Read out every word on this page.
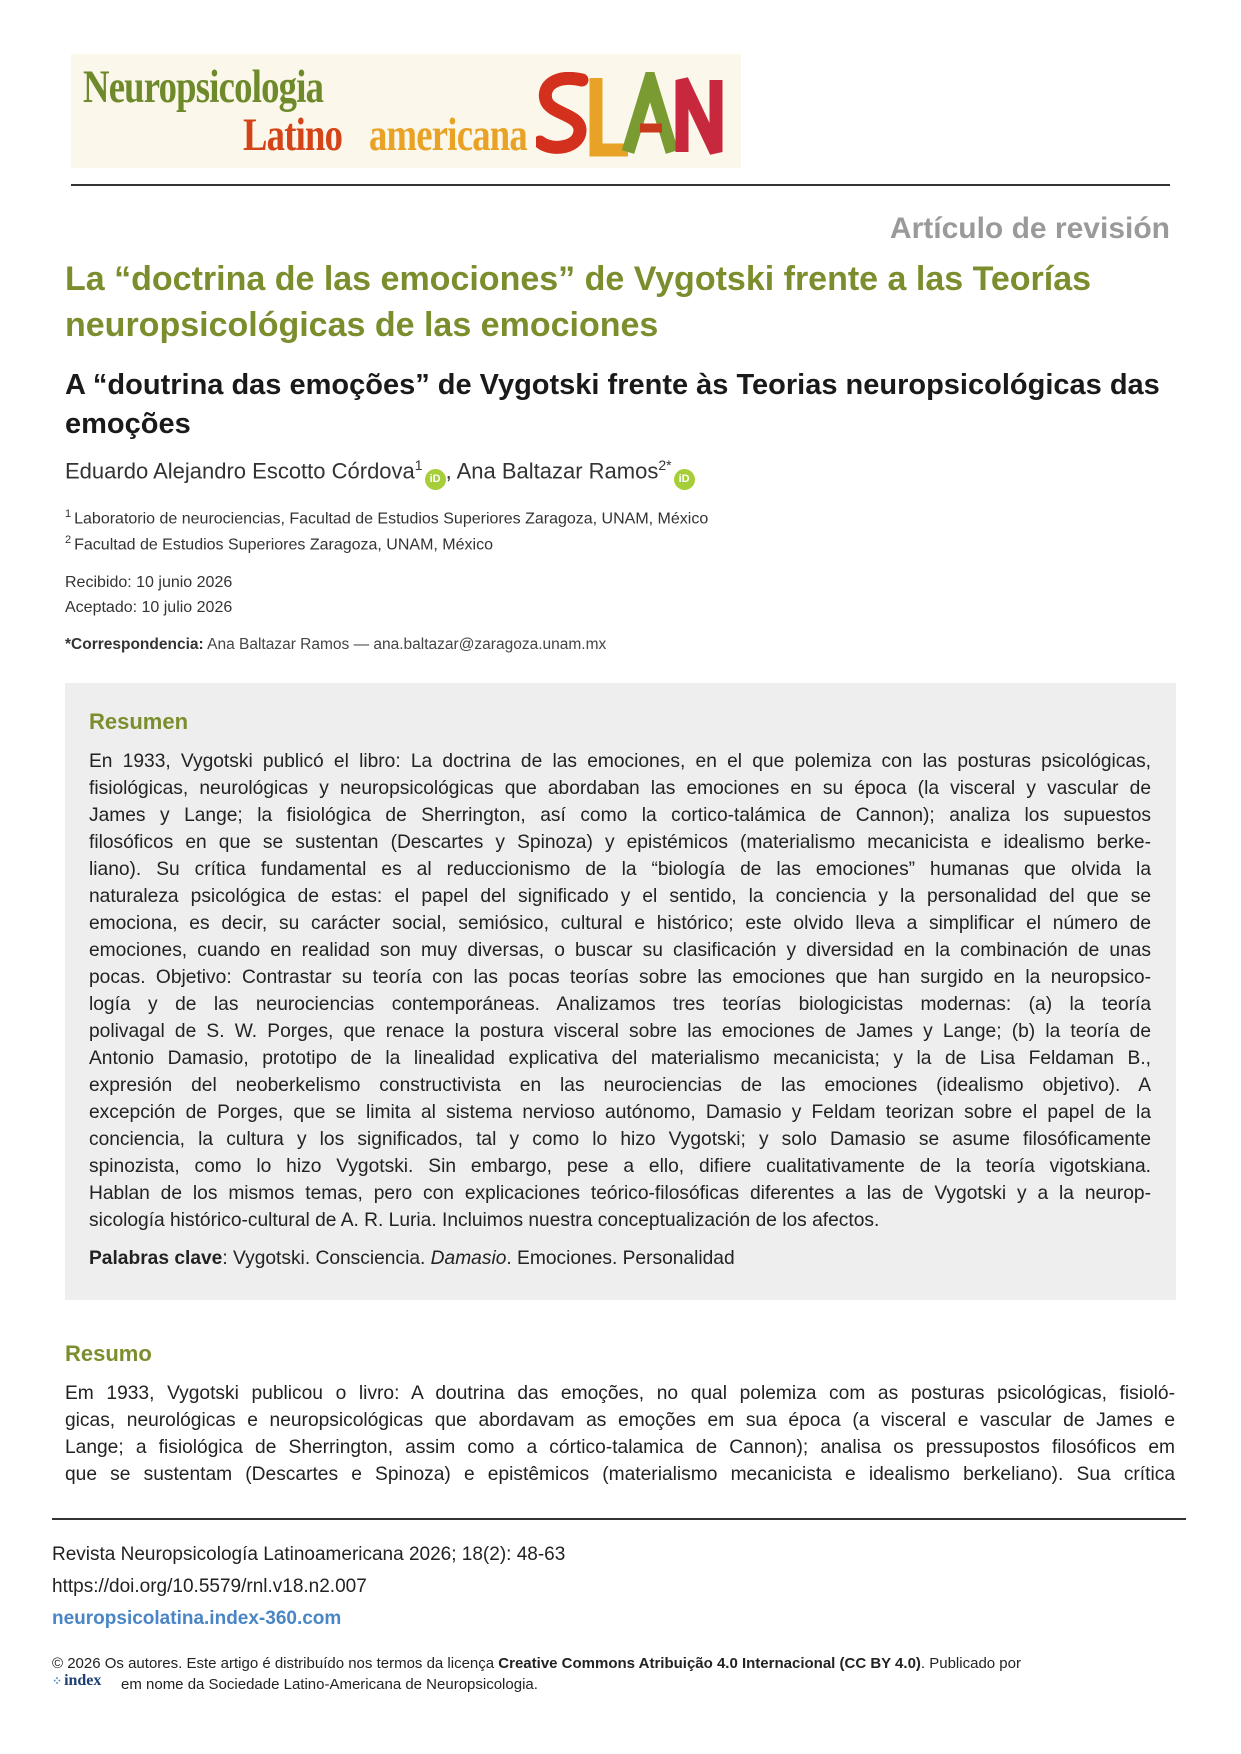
Neuropsicologia
Latino americana
SLAN
Artículo de revisión
La “doctrina de las emociones” de Vygotski frente a las Teorías neuropsicológicas de las emociones
A “doutrina das emoções” de Vygotski frente às Teorias neuropsicológicas das emoções
Eduardo Alejandro Escotto Córdova$^1$iD , Ana Baltazar Ramos$^{2*}$iD
$^1$ Laboratorio de neurociencias, Facultad de Estudios Superiores Zaragoza, UNAM, México
$^2$ Facultad de Estudios Superiores Zaragoza, UNAM, México
Recibido: 10 junio 2026
Aceptado: 10 julio 2026
*Correspondencia: Ana Baltazar Ramos — ana.baltazar@zaragoza.unam.mx
Resumen
En 1933, Vygotski publicó el libro: La doctrina de las emociones, en el que polemiza con las posturas psicológicas,
fisiológicas, neurológicas y neuropsicológicas que abordaban las emociones en su época (la visceral y vascular de
James y Lange; la fisiológica de Sherrington, así como la cortico-talámica de Cannon); analiza los supuestos
filosóficos en que se sustentan (Descartes y Spinoza) y epistémicos (materialismo mecanicista e idealismo berke-
liano). Su crítica fundamental es al reduccionismo de la “biología de las emociones” humanas que olvida la
naturaleza psicológica de estas: el papel del significado y el sentido, la conciencia y la personalidad del que se
emociona, es decir, su carácter social, semiósico, cultural e histórico; este olvido lleva a simplificar el número de
emociones, cuando en realidad son muy diversas, o buscar su clasificación y diversidad en la combinación de unas
pocas. Objetivo: Contrastar su teoría con las pocas teorías sobre las emociones que han surgido en la neuropsico-
logía y de las neurociencias contemporáneas. Analizamos tres teorías biologicistas modernas: (a) la teoría
polivagal de S. W. Porges, que renace la postura visceral sobre las emociones de James y Lange; (b) la teoría de
Antonio Damasio, prototipo de la linealidad explicativa del materialismo mecanicista; y la de Lisa Feldaman B.,
expresión del neoberkelismo constructivista en las neurociencias de las emociones (idealismo objetivo). A
excepción de Porges, que se limita al sistema nervioso autónomo, Damasio y Feldam teorizan sobre el papel de la
conciencia, la cultura y los significados, tal y como lo hizo Vygotski; y solo Damasio se asume filosóficamente
spinozista, como lo hizo Vygotski. Sin embargo, pese a ello, difiere cualitativamente de la teoría vigotskiana.
Hablan de los mismos temas, pero con explicaciones teórico-filosóficas diferentes a las de Vygotski y a la neurop-
sicología histórico-cultural de A. R. Luria. Incluimos nuestra conceptualización de los afectos.
Palabras clave: Vygotski. Consciencia. Damasio. Emociones. Personalidad
Resumo
Em 1933, Vygotski publicou o livro: A doutrina das emoções, no qual polemiza com as posturas psicológicas, fisioló-
gicas, neurológicas e neuropsicológicas que abordavam as emoções em sua época (a visceral e vascular de James e
Lange; a fisiológica de Sherrington, assim como a córtico-talamica de Cannon); analisa os pressupostos filosóficos em
que se sustentam (Descartes e Spinoza) e epistêmicos (materialismo mecanicista e idealismo berkeliano). Sua crítica
Revista Neuropsicología Latinoamericana 2026; 18(2): 48-63
https://doi.org/10.5579/rnl.v18.n2.007
neuropsicolatina.index-360.com
© 2026 Os autores. Este artigo é distribuído nos termos da licença Creative Commons Atribuição 4.0 Internacional (CC BY 4.0). Publicado por
⁘ index em nome da Sociedade Latino-Americana de Neuropsicologia.
